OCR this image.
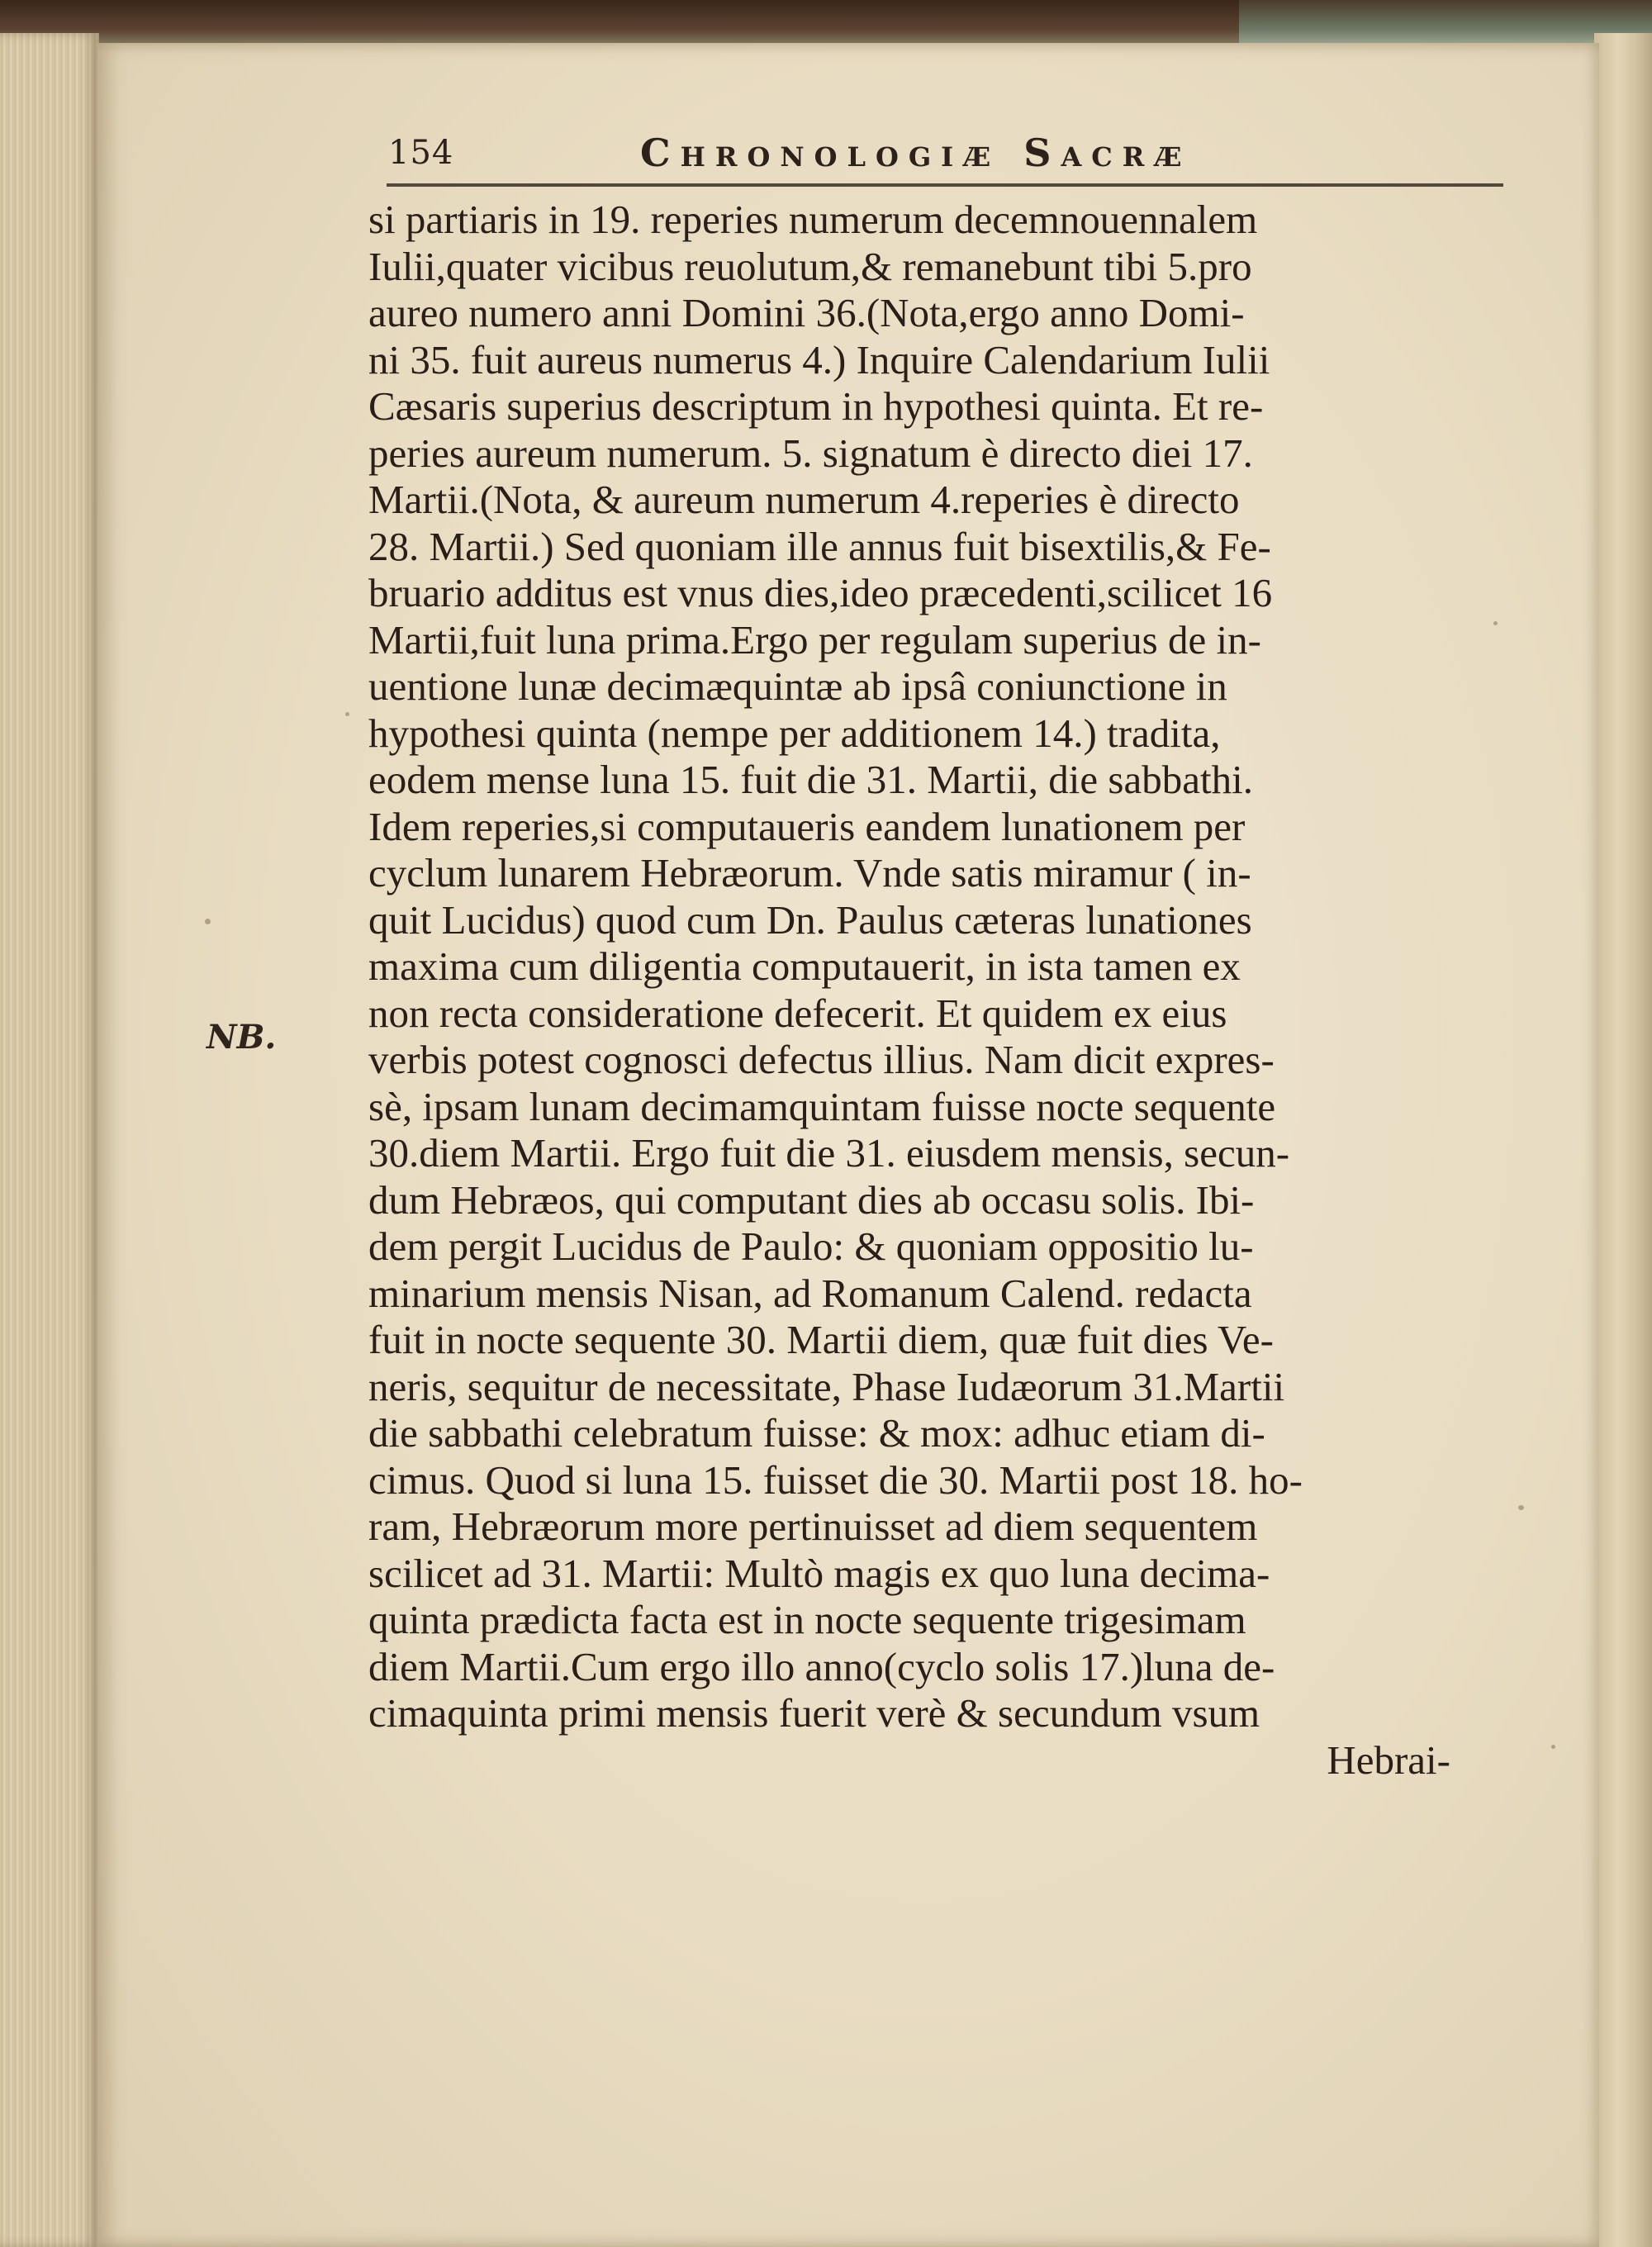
154	Chronologiæ Sacræ
NB.
si partiaris in 19. reperies numerum decemnouennalem
Iulii,quater vicibus reuolutum,& remanebunt tibi 5.pro
aureo numero anni Domini 36.(Nota,ergo anno Domi-
ni 35. fuit aureus numerus 4.) Inquire Calendarium Iulii
Cæsaris superius descriptum in hypothesi quinta. Et re-
peries aureum numerum. 5. signatum è directo diei 17.
Martii.(Nota, & aureum numerum 4.reperies è directo
28. Martii.) Sed quoniam ille annus fuit bisextilis,& Fe-
bruario additus est vnus dies,ideo præcedenti,scilicet 16
Martii,fuit luna prima.Ergo per regulam superius de in-
uentione lunæ decimæquintæ ab ipsâ coniunctione in
hypothesi quinta (nempe per additionem 14.) tradita,
eodem mense luna 15. fuit die 31. Martii, die sabbathi.
Idem reperies,si computaueris eandem lunationem per
cyclum lunarem Hebræorum. Vnde satis miramur ( in-
quit Lucidus) quod cum Dn. Paulus cæteras lunationes
maxima cum diligentia computauerit, in ista tamen ex
non recta consideratione defecerit. Et quidem ex eius
verbis potest cognosci defectus illius. Nam dicit expres-
sè, ipsam lunam decimamquintam fuisse nocte sequente
30.diem Martii. Ergo fuit die 31. eiusdem mensis, secun-
dum Hebræos, qui computant dies ab occasu solis. Ibi-
dem pergit Lucidus de Paulo: & quoniam oppositio lu-
minarium mensis Nisan, ad Romanum Calend. redacta
fuit in nocte sequente 30. Martii diem, quæ fuit dies Ve-
neris, sequitur de necessitate, Phase Iudæorum 31.Martii
die sabbathi celebratum fuisse: & mox: adhuc etiam di-
cimus. Quod si luna 15. fuisset die 30. Martii post 18. ho-
ram, Hebræorum more pertinuisset ad diem sequentem
scilicet ad 31. Martii: Multò magis ex quo luna decima-
quinta prædicta facta est in nocte sequente trigesimam
diem Martii.Cum ergo illo anno(cyclo solis 17.)luna de-
cimaquinta primi mensis fuerit verè & secundum vsum
Hebrai-
